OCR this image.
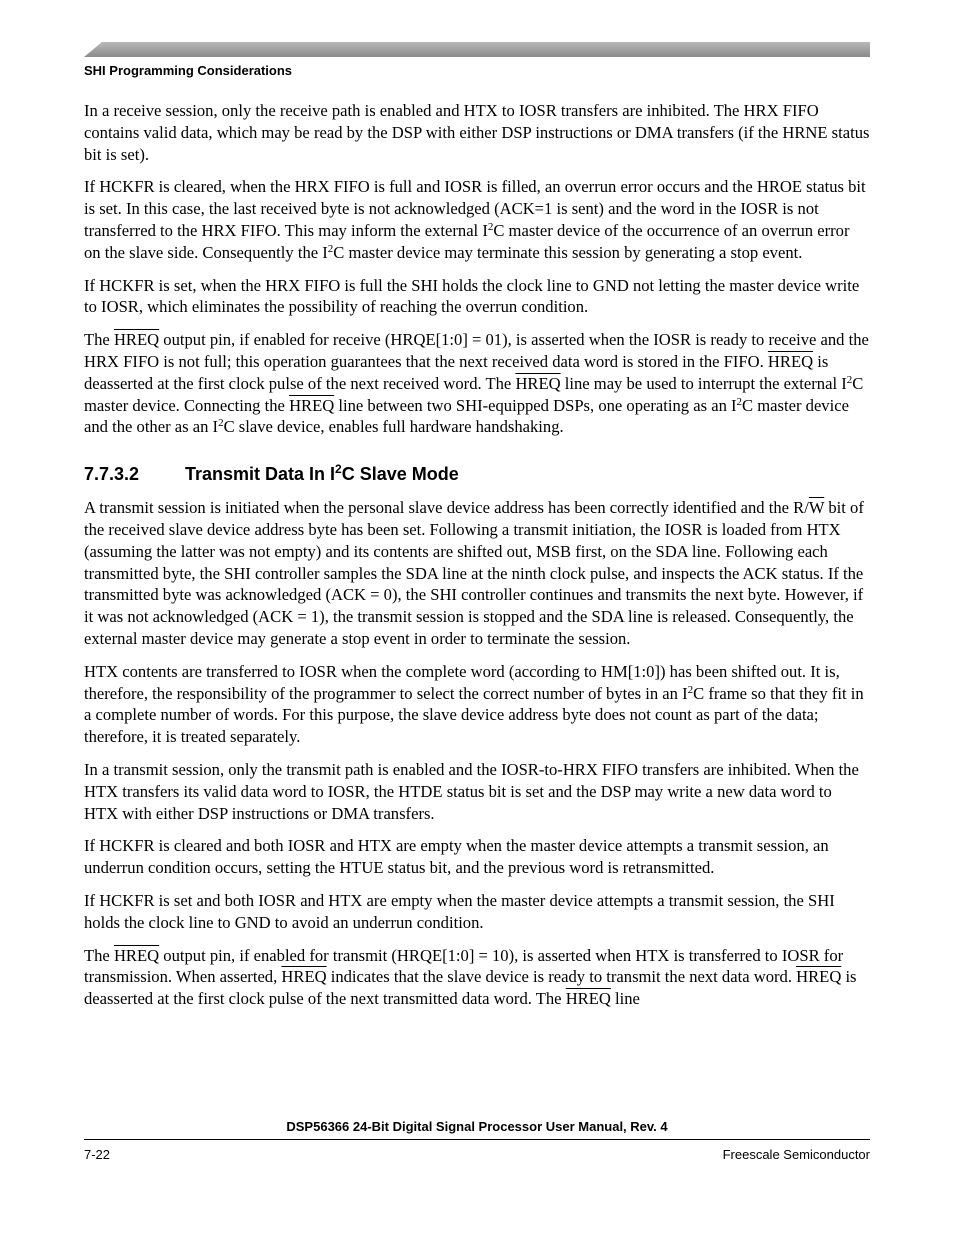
SHI Programming Considerations

In a receive session, only the receive path is enabled and HTX to IOSR transfers are inhibited. The HRX FIFO contains valid data, which may be read by the DSP with either DSP instructions or DMA transfers (if the HRNE status bit is set).

If HCKFR is cleared, when the HRX FIFO is full and IOSR is filled, an overrun error occurs and the HROE status bit is set. In this case, the last received byte is not acknowledged (ACK=1 is sent) and the word in the IOSR is not transferred to the HRX FIFO. This may inform the external $I^2C$ master device of the occurrence of an overrun error on the slave side. Consequently the $I^2C$ master device may terminate this session by generating a stop event.

If HCKFR is set, when the HRX FIFO is full the SHI holds the clock line to GND not letting the master device write to IOSR, which eliminates the possibility of reaching the overrun condition.

The HREQ output pin, if enabled for receive (HRQE[1:0] = 01), is asserted when the IOSR is ready to receive and the HRX FIFO is not full; this operation guarantees that the next received data word is stored in the FIFO. HREQ is deasserted at the first clock pulse of the next received word. The HREQ line may be used to interrupt the external $I^2C$ master device. Connecting the HREQ line between two SHI-equipped DSPs, one operating as an $I^2C$ master device and the other as an $I^2C$ slave device, enables full hardware handshaking.

7.7.3.2	Transmit Data In $I^2C$ Slave Mode

A transmit session is initiated when the personal slave device address has been correctly identified and the $R/\overline{W}$ bit of the received slave device address byte has been set. Following a transmit initiation, the IOSR is loaded from HTX (assuming the latter was not empty) and its contents are shifted out, MSB first, on the SDA line. Following each transmitted byte, the SHI controller samples the SDA line at the ninth clock pulse, and inspects the ACK status. If the transmitted byte was acknowledged (ACK = 0), the SHI controller continues and transmits the next byte. However, if it was not acknowledged (ACK = 1), the transmit session is stopped and the SDA line is released. Consequently, the external master device may generate a stop event in order to terminate the session.

HTX contents are transferred to IOSR when the complete word (according to HM[1:0]) has been shifted out. It is, therefore, the responsibility of the programmer to select the correct number of bytes in an $I^2C$ frame so that they fit in a complete number of words. For this purpose, the slave device address byte does not count as part of the data; therefore, it is treated separately.

In a transmit session, only the transmit path is enabled and the IOSR-to-HRX FIFO transfers are inhibited. When the HTX transfers its valid data word to IOSR, the HTDE status bit is set and the DSP may write a new data word to HTX with either DSP instructions or DMA transfers.

If HCKFR is cleared and both IOSR and HTX are empty when the master device attempts a transmit session, an underrun condition occurs, setting the HTUE status bit, and the previous word is retransmitted.

If HCKFR is set and both IOSR and HTX are empty when the master device attempts a transmit session, the SHI holds the clock line to GND to avoid an underrun condition.

The HREQ output pin, if enabled for transmit (HRQE[1:0] = 10), is asserted when HTX is transferred to IOSR for transmission. When asserted, HREQ indicates that the slave device is ready to transmit the next data word. HREQ is deasserted at the first clock pulse of the next transmitted data word. The HREQ line

DSP56366 24-Bit Digital Signal Processor User Manual, Rev. 4
7-22	Freescale Semiconductor
